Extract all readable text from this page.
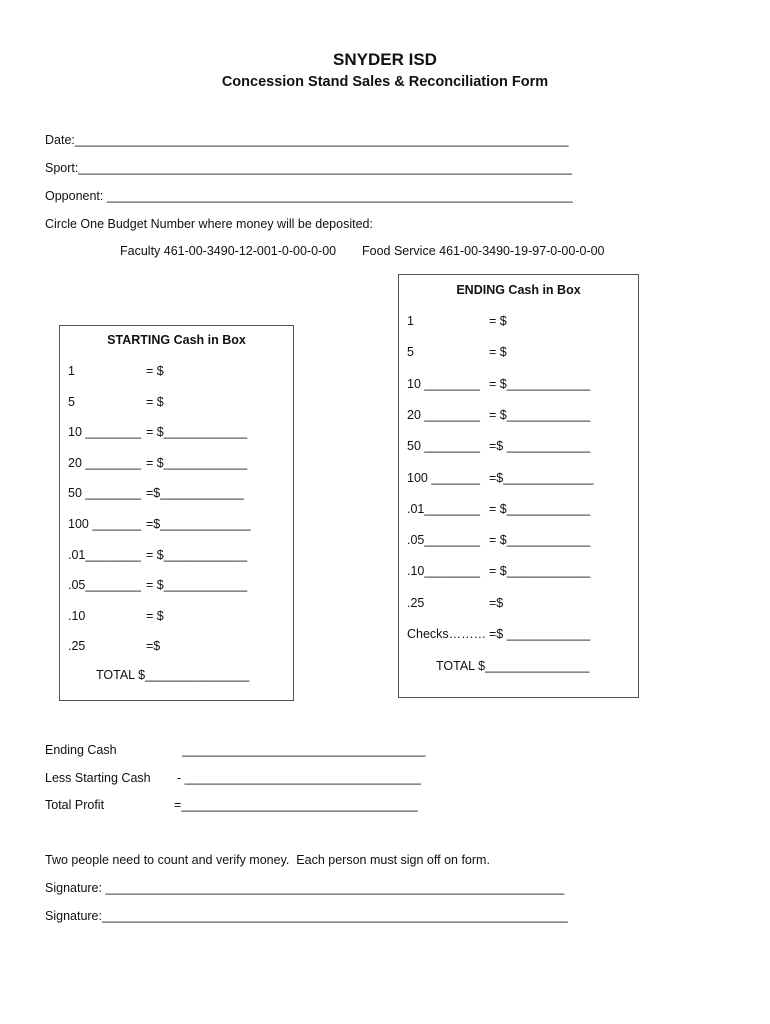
SNYDER ISD
Concession Stand Sales & Reconciliation Form
Date:_______________________________________________________________________
Sport:_______________________________________________________________________
Opponent: ___________________________________________________________________
Circle One Budget Number where money will be deposited:
Faculty 461-00-3490-12-001-0-00-0-00 Food Service 461-00-3490-19-97-0-00-0-00
STARTING Cash in Box
1	= $
5	= $
10 ________ = $____________
20 ________ = $____________
50 ________ =$____________
100 _______ =$_____________
.01________ = $____________
.05________ = $____________
.10	= $
.25	=$
TOTAL $_______________
ENDING Cash in Box
1	= $
5	= $
10 ________ = $____________
20 ________ = $____________
50 ________ =$ ____________
100 _______ =$_____________
.01________ = $____________
.05________ = $____________
.10________ = $____________
.25	=$
Checks……… =$ ____________
TOTAL $_______________
Ending Cash	___________________________________
Less Starting Cash - __________________________________
Total Profit	=__________________________________
Two people need to count and verify money.  Each person must sign off on form.
Signature: __________________________________________________________________
Signature:___________________________________________________________________
